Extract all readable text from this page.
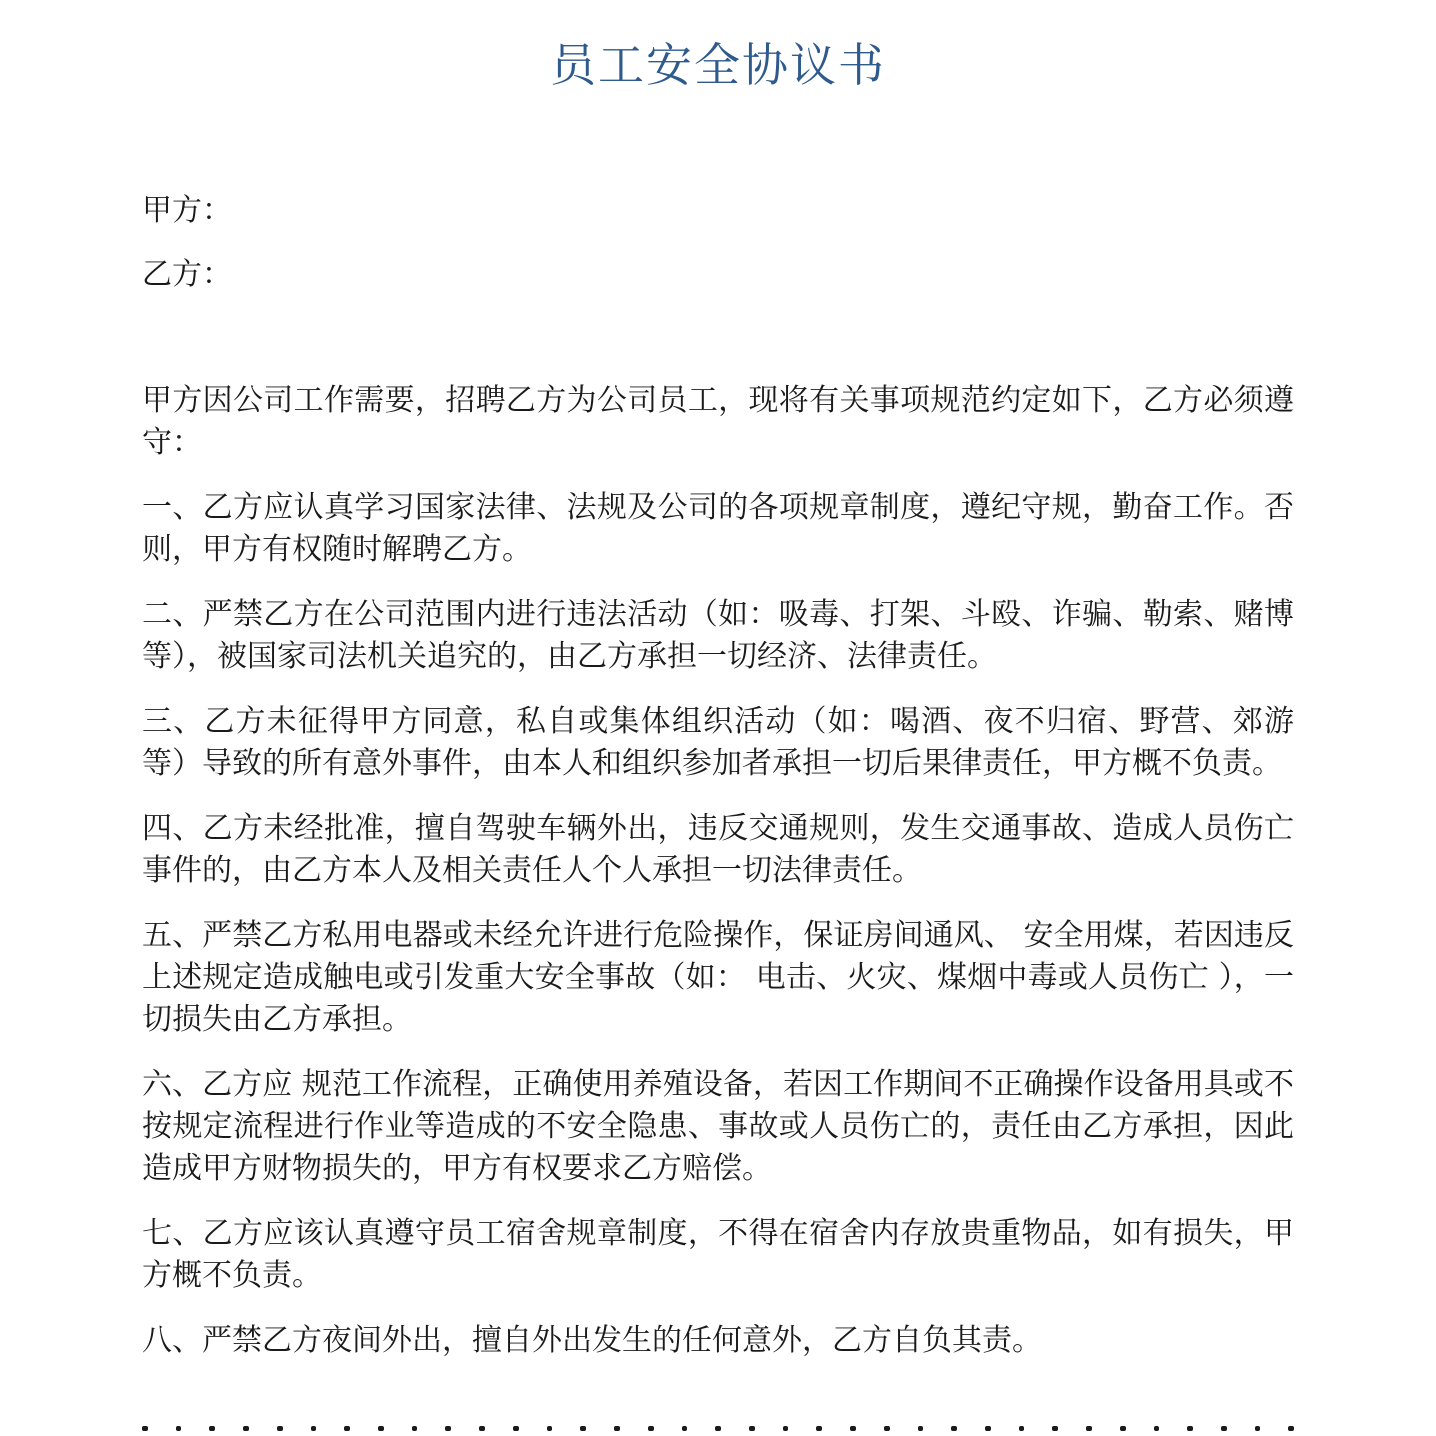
员工安全协议书

甲方：

乙方：

甲方因公司工作需要，招聘乙方为公司员工，现将有关事项规范约定如下，乙方必须遵守：

一、乙方应认真学习国家法律、法规及公司的各项规章制度，遵纪守规，勤奋工作。否则，甲方有权随时解聘乙方。

二、严禁乙方在公司范围内进行违法活动（如：吸毒、打架、斗殴、诈骗、勒索、赌博等），被国家司法机关追究的，由乙方承担一切经济、法律责任。

三、乙方未征得甲方同意，私自或集体组织活动（如：喝酒、夜不归宿、野营、郊游等）导致的所有意外事件，由本人和组织参加者承担一切后果律责任，甲方概不负责。

四、乙方未经批准，擅自驾驶车辆外出，违反交通规则，发生交通事故、造成人员伤亡事件的，由乙方本人及相关责任人个人承担一切法律责任。

五、严禁乙方私用电器或未经允许进行危险操作，保证房间通风、 安全用煤，若因违反上述规定造成触电或引发重大安全事故（如： 电击、火灾、煤烟中毒或人员伤亡 ），一切损失由乙方承担。

六、乙方应 规范工作流程，正确使用养殖设备，若因工作期间不正确操作设备用具或不按规定流程进行作业等造成的不安全隐患、事故或人员伤亡的，责任由乙方承担，因此造成甲方财物损失的，甲方有权要求乙方赔偿。

七、乙方应该认真遵守员工宿舍规章制度，不得在宿舍内存放贵重物品，如有损失，甲方概不负责。

八、严禁乙方夜间外出，擅自外出发生的任何意外，乙方自负其责。
